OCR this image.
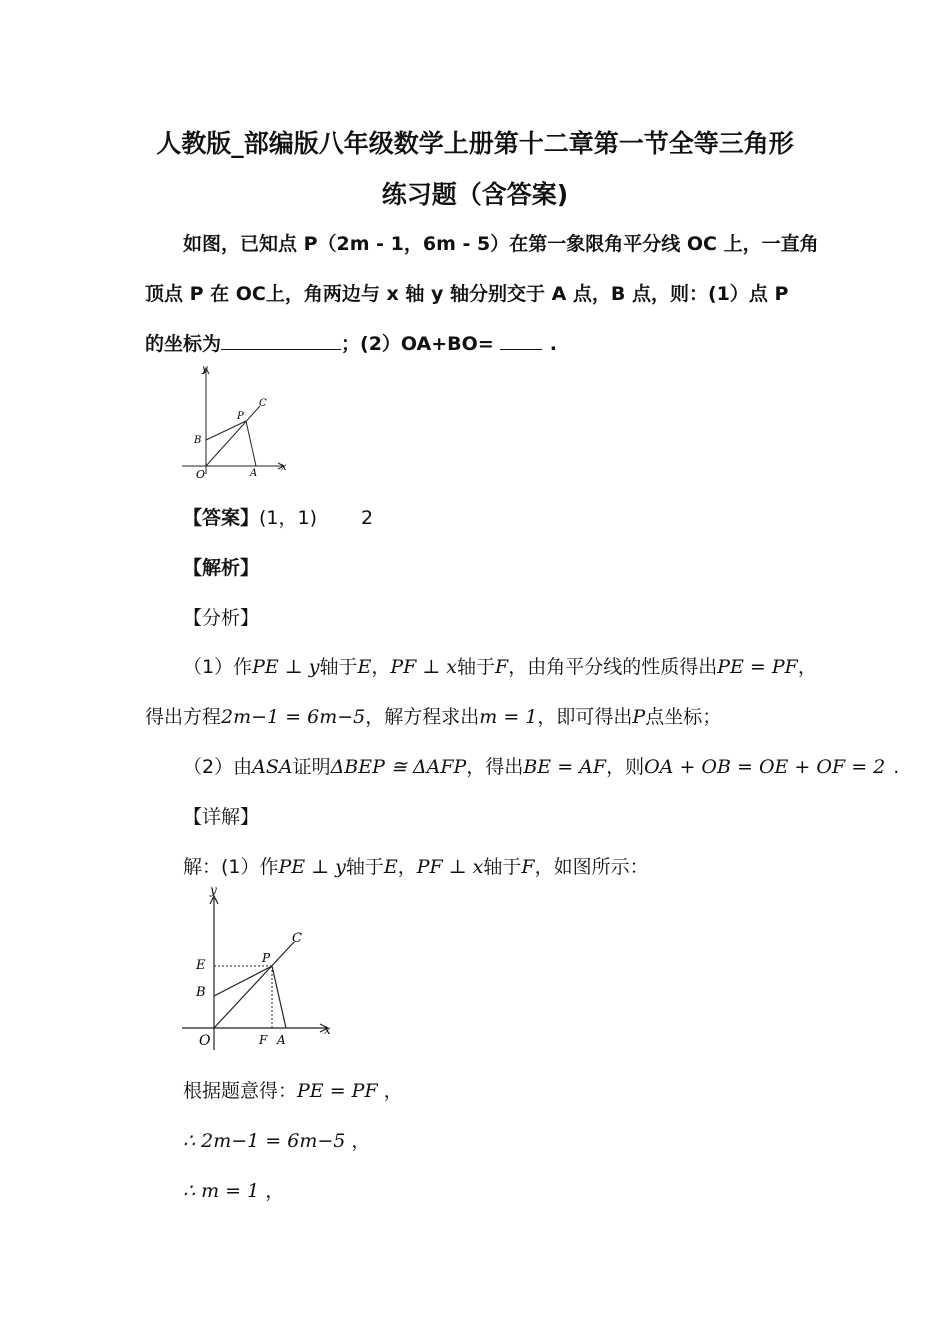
人教版_部编版八年级数学上册第十二章第一节全等三角形
练习题（含答案)
如图，已知点 P（2m - 1，6m - 5）在第一象限角平分线 OC 上，一直角
顶点 P 在 OC上，角两边与 x 轴 y 轴分别交于 A 点，B 点，则：(1）点 P
的坐标为	；(2）OA+BO=	.
y
x
O	A
B
P
C
【答案】(1，1) 2
【解析】
【分析】
（1）作PE ⊥ y轴于E，PF ⊥ x轴于F，由角平分线的性质得出PE = PF，
得出方程2m−1 = 6m−5，解方程求出m = 1，即可得出P点坐标；
（2）由ASA证明ΔBEP ≅ ΔAFP，得出BE = AF，则OA + OB = OE + OF = 2 .
【详解】
解：(1）作PE ⊥ y轴于E，PF ⊥ x轴于F，如图所示：
y
x
O	A
F
B
E	P
C
根据题意得：PE = PF ，
∴ 2m−1 = 6m−5 ，
∴ m = 1 ，
